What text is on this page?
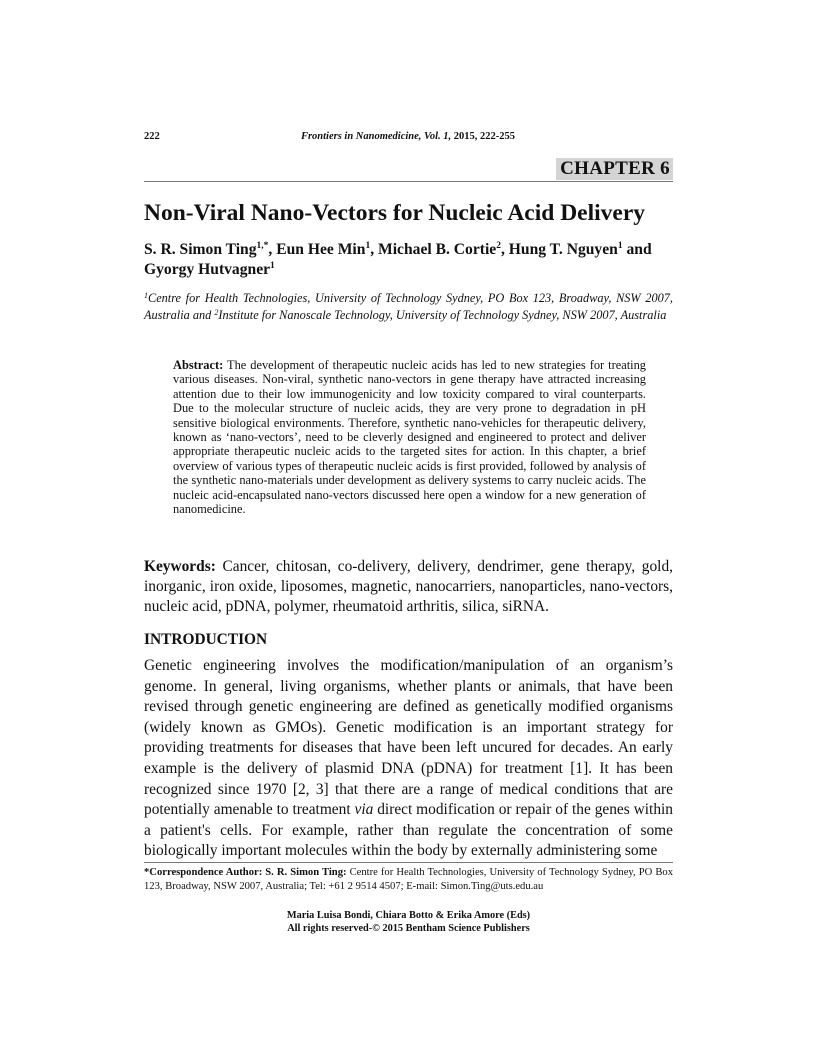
222	Frontiers in Nanomedicine, Vol. 1, 2015, 222-255
CHAPTER 6
Non-Viral Nano-Vectors for Nucleic Acid Delivery
S. R. Simon Ting$^{1,*}$, Eun Hee Min$^1$, Michael B. Cortie$^2$, Hung T. Nguyen$^1$ and
Gyorgy Hutvagner$^1$
$^1$Centre for Health Technologies, University of Technology Sydney, PO Box 123, Broadway, NSW 2007, Australia and $^2$Institute for Nanoscale Technology, University of Technology Sydney, NSW 2007, Australia
Abstract: The development of therapeutic nucleic acids has led to new strategies for treating various diseases. Non-viral, synthetic nano-vectors in gene therapy have attracted increasing attention due to their low immunogenicity and low toxicity compared to viral counterparts. Due to the molecular structure of nucleic acids, they are very prone to degradation in pH sensitive biological environments. Therefore, synthetic nano-vehicles for therapeutic delivery, known as ‘nano-vectors’, need to be cleverly designed and engineered to protect and deliver appropriate therapeutic nucleic acids to the targeted sites for action. In this chapter, a brief overview of various types of therapeutic nucleic acids is first provided, followed by analysis of the synthetic nano-materials under development as delivery systems to carry nucleic acids. The nucleic acid-encapsulated nano-vectors discussed here open a window for a new generation of nanomedicine.
Keywords: Cancer, chitosan, co-delivery, delivery, dendrimer, gene therapy, gold, inorganic, iron oxide, liposomes, magnetic, nanocarriers, nanoparticles, nano-vectors, nucleic acid, pDNA, polymer, rheumatoid arthritis, silica, siRNA.
INTRODUCTION
Genetic engineering involves the modification/manipulation of an organism’s genome. In general, living organisms, whether plants or animals, that have been revised through genetic engineering are defined as genetically modified organisms (widely known as GMOs). Genetic modification is an important strategy for providing treatments for diseases that have been left uncured for decades. An early example is the delivery of plasmid DNA (pDNA) for treatment [1]. It has been recognized since 1970 [2, 3] that there are a range of medical conditions that are potentially amenable to treatment via direct modification or repair of the genes within a patient's cells. For example, rather than regulate the concentration of some biologically important molecules within the body by externally administering some
*Correspondence Author: S. R. Simon Ting: Centre for Health Technologies, University of Technology Sydney, PO Box 123, Broadway, NSW 2007, Australia; Tel: +61 2 9514 4507; E-mail: Simon.Ting@uts.edu.au
Maria Luisa Bondi, Chiara Botto & Erika Amore (Eds)
All rights reserved-© 2015 Bentham Science Publishers
